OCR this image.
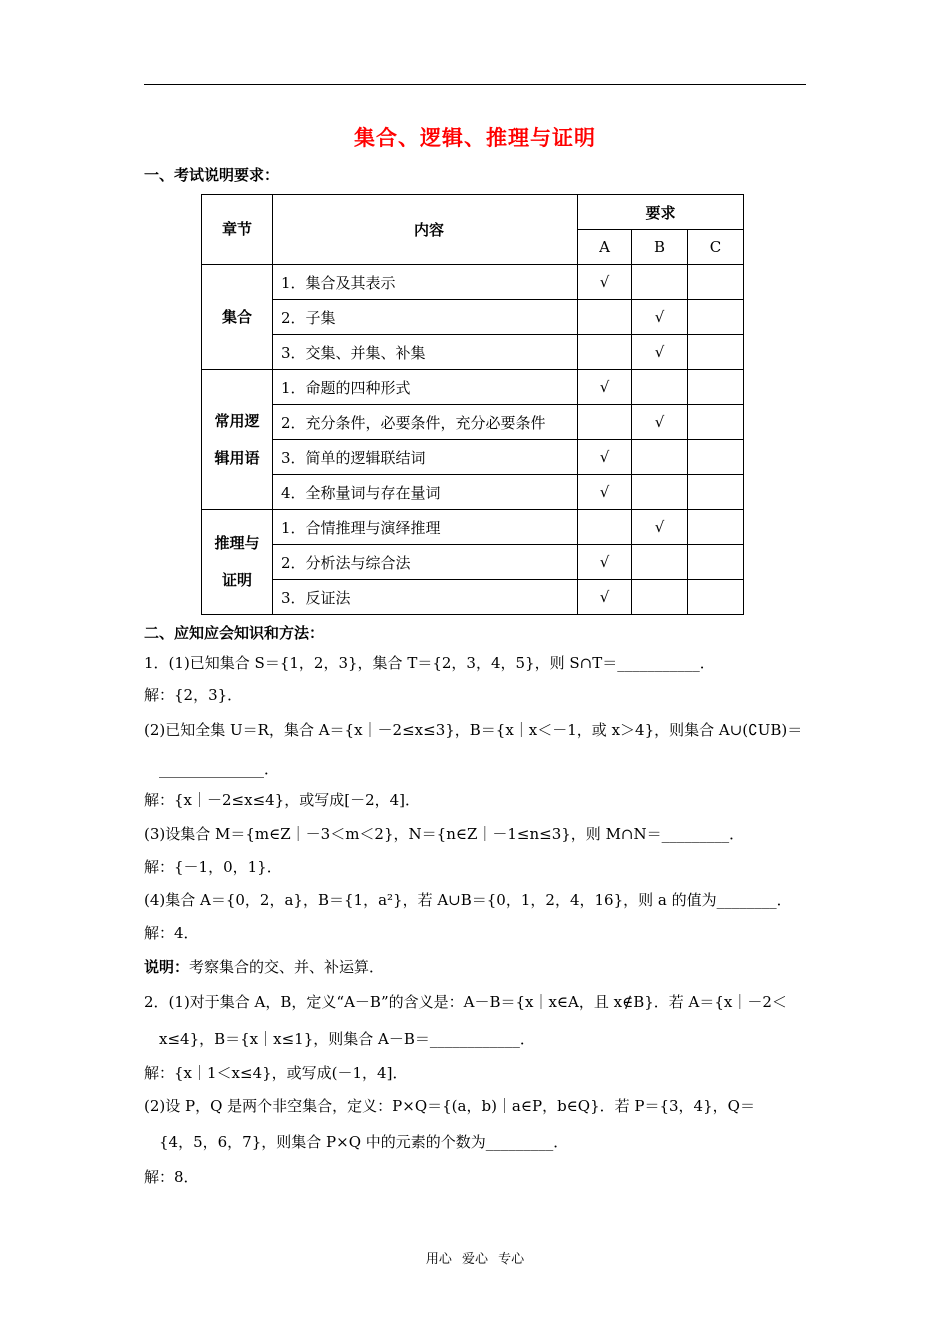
集合、逻辑、推理与证明
一、考试说明要求：
章节	内容	要求		
		A	B	C

集合	1．集合及其表示	√		
	2．子集		√	
	3．交集、并集、补集		√	

常用逻
辑用语	1．命题的四种形式	√		
	2．充分条件，必要条件，充分必要条件		√	
	3．简单的逻辑联结词	√		
	4．全称量词与存在量词	√		

推理与
证明	1．合情推理与演绎推理		√	
	2．分析法与综合法	√		
	3．反证法	√		
二、应知应会知识和方法：
1．(1)已知集合 S＝{1，2，3}，集合 T＝{2，3，4，5}，则 S∩T＝___________．
解：{2，3}．
(2)已知全集 U＝R，集合 A＝{x｜－2≤x≤3}，B＝{x｜x＜－1，或 x＞4}，则集合 A∪(∁UB)＝
　______________．
解：{x｜－2≤x≤4}，或写成[－2，4]．
(3)设集合 M＝{m∈Z｜－3＜m＜2}，N＝{n∈Z｜－1≤n≤3}，则 M∩N＝_________．
解：{－1，0，1}．
(4)集合 A＝{0，2，a}，B＝{1，a²}，若 A∪B＝{0，1，2，4，16}，则 a 的值为________．
解：4．
说明：考察集合的交、并、补运算．
2．(1)对于集合 A，B，定义“A－B”的含义是：A－B＝{x｜x∈A，且 x∉B}．若 A＝{x｜－2＜
　x≤4}，B＝{x｜x≤1}，则集合 A－B＝____________．
解：{x｜1＜x≤4}，或写成(－1，4]．
(2)设 P，Q 是两个非空集合，定义：P×Q＝{(a，b)｜a∈P，b∈Q}．若 P＝{3，4}，Q＝
　{4，5，6，7}，则集合 P×Q 中的元素的个数为_________．
解：8．
用心 爱心 专心
